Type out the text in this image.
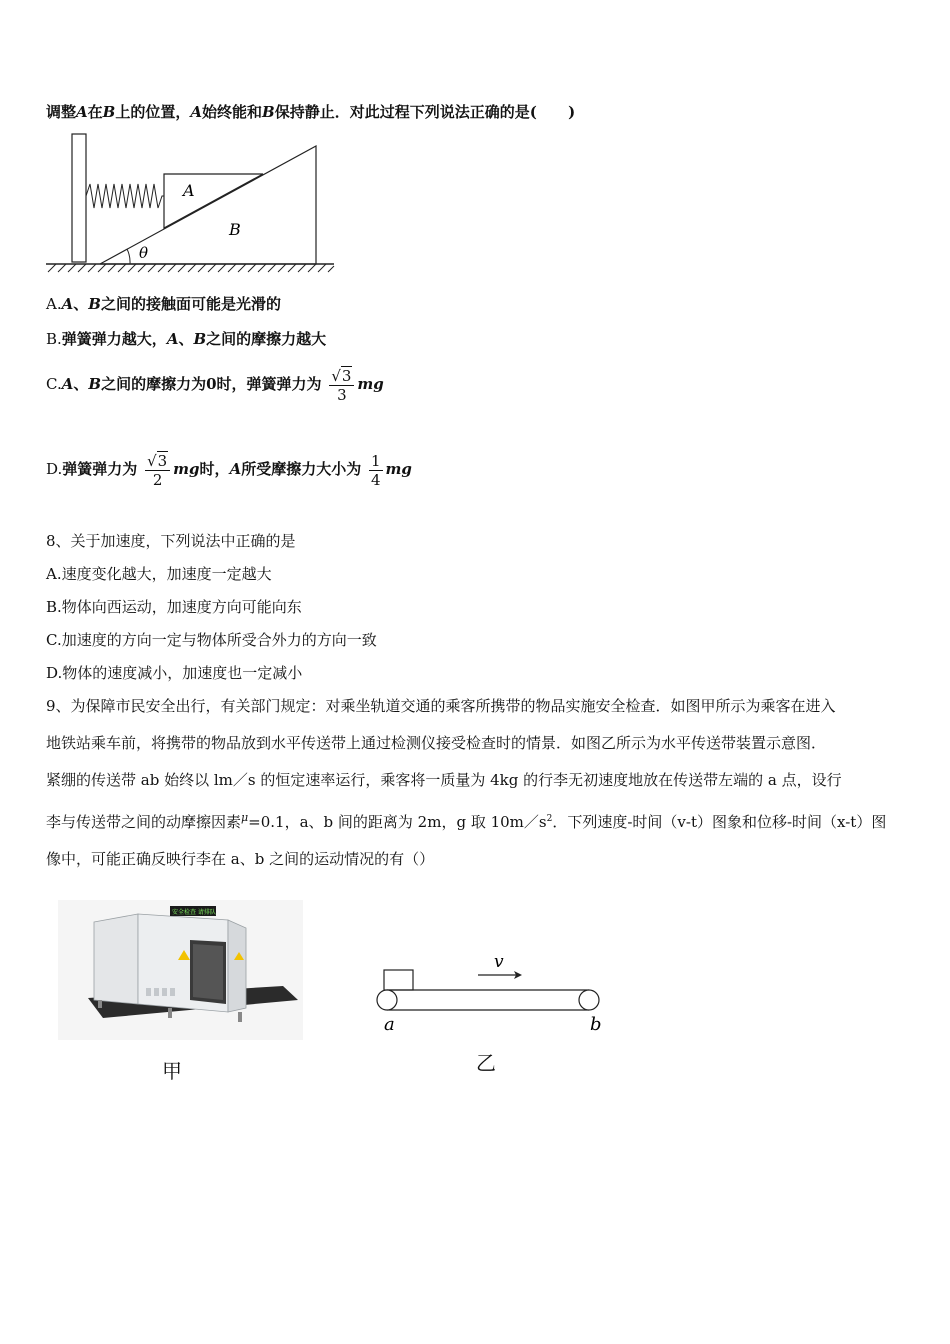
调整A在B上的位置，A始终能和B保持静止．对此过程下列说法正确的是(      )
A
B
θ
A.A、B之间的接触面可能是光滑的
B.弹簧弹力越大，A、B之间的摩擦力越大
C.A、B之间的摩擦力为0时，弹簧弹力为 $\frac{√3}{3}$ mg
D.弹簧弹力为 $\frac{√3}{2}$ mg时，A所受摩擦力大小为 $\frac{1}{4}$ mg
8、关于加速度，下列说法中正确的是
A.速度变化越大，加速度一定越大
B.物体向西运动，加速度方向可能向东
C.加速度的方向一定与物体所受合外力的方向一致
D.物体的速度减小，加速度也一定减小

9、为保障市民安全出行，有关部门规定：对乘坐轨道交通的乘客所携带的物品实施安全检查．如图甲所示为乘客在进入

地铁站乘车前，将携带的物品放到水平传送带上通过检测仪接受检查时的情景．如图乙所示为水平传送带装置示意图．

紧绷的传送带 ab 始终以 lm／s 的恒定速率运行，乘客将一质量为 4kg 的行李无初速度地放在传送带左端的 a 点，设行

李与传送带之间的动摩擦因素$^\mu$=0.1，a、b 间的距离为 2m，g 取 $10m/s^2$．下列速度-时间（v-t）图象和位移-时间（x-t）图

像中，可能正确反映行李在 a、b 之间的运动情况的有（）

安全检查 请排队
甲
v
a	b
乙
